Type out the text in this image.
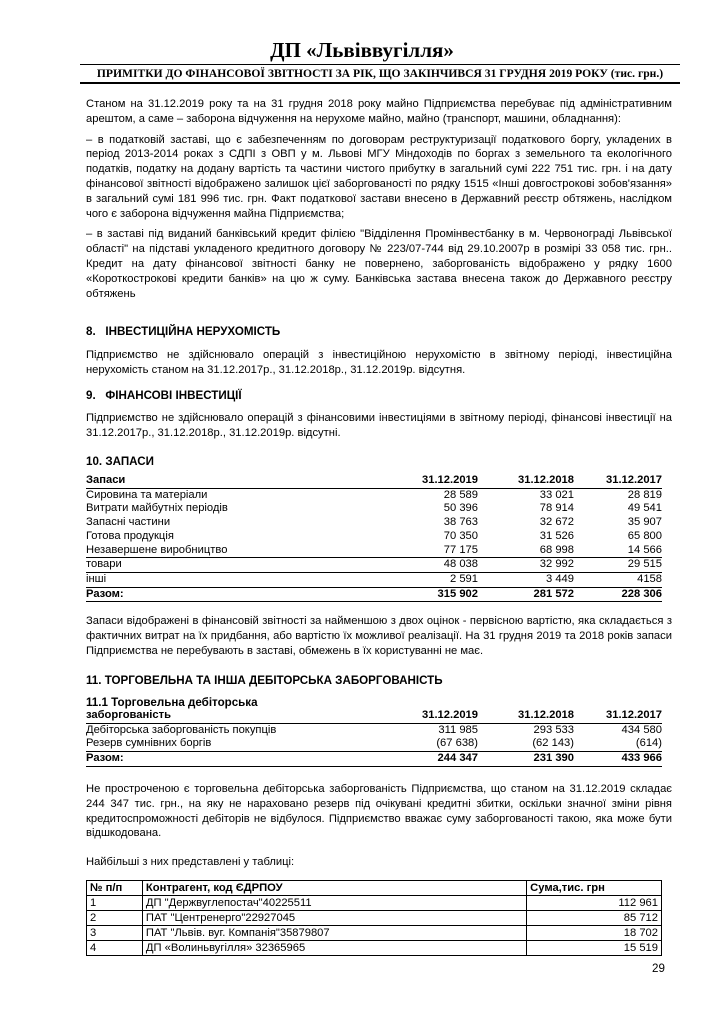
ДП «Львіввугілля»
ПРИМІТКИ ДО ФІНАНСОВОЇ ЗВІТНОСТІ ЗА РІК, ЩО ЗАКІНЧИВСЯ 31 ГРУДНЯ 2019 РОКУ (тис. грн.)

Станом на 31.12.2019 року та на 31 грудня 2018 року майно Підприємства перебуває під адміністративним арештом, а саме – заборона відчуження на нерухоме майно, майно (транспорт, машини, обладнання):

– в податковій заставі, що є забезпеченням по договорам реструктуризації податкового боргу, укладених в період 2013-2014 роках з СДПІ з ОВП у м. Львові МГУ Міндоходів по боргах з земельного та екологічного податків, податку на додану вартість та частини чистого прибутку в загальний сумі 222 751 тис. грн. і на дату фінансової звітності відображено залишок цієї заборгованості по рядку 1515 «Інші довгострокові зобов'язання» в загальний сумі 181 996 тис. грн. Факт податкової застави внесено в Державний реєстр обтяжень, наслідком чого є заборона відчуження майна Підприємства;

– в заставі під виданий банківський кредит філією "Відділення Промінвестбанку в м. Червонограді Львівської області" на підставі укладеного кредитного договору № 223/07-744 від 29.10.2007р в розмірі 33 058 тис. грн.. Кредит на дату фінансової звітності банку не повернено, заборгованість відображено у рядку 1600 «Короткострокові кредити банків» на цю ж суму. Банківська застава внесена також до Державного реєстру обтяжень

8. ІНВЕСТИЦІЙНА НЕРУХОМІСТЬ

Підприємство не здійснювало операцій з інвестиційною нерухомістю в звітному періоді, інвестиційна нерухомість станом на 31.12.2017р., 31.12.2018р., 31.12.2019р. відсутня.

9. ФІНАНСОВІ ІНВЕСТИЦІЇ

Підприємство не здійснювало операцій з фінансовими інвестиціями в звітному періоді, фінансові інвестиції на 31.12.2017р., 31.12.2018р., 31.12.2019р. відсутні.

10. ЗАПАСИ
Запаси	31.12.2019	31.12.2018	31.12.2017
Сировина та матеріали	28 589	33 021	28 819
Витрати майбутніх періодів	50 396	78 914	49 541
Запасні частини	38 763	32 672	35 907
Готова продукція	70 350	31 526	65 800
Незавершене виробництво	77 175	68 998	14 566
товари	48 038	32 992	29 515
інші	2 591	3 449	4158
Разом:	315 902	281 572	228 306

Запаси відображені в фінансовій звітності за найменшою з двох оцінок - первісною вартістю, яка складається з фактичних витрат на їх придбання, або вартістю їх можливої реалізації. На 31 грудня 2019 та 2018 років запаси Підприємства не перебувають в заставі, обмежень в їх користуванні не має.

11. ТОРГОВЕЛЬНА ТА ІНША ДЕБІТОРСЬКА ЗАБОРГОВАНІСТЬ
11.1 Торговельна дебіторська
заборгованість	31.12.2019	31.12.2018	31.12.2017
Дебіторська заборгованість покупців	311 985	293 533	434 580
Резерв сумнівних боргів	(67 638)	(62 143)	(614)
Разом:	244 347	231 390	433 966

Не простроченою є торговельна дебіторська заборгованість Підприємства, що станом на 31.12.2019 складає 244 347 тис. грн., на яку не нараховано резерв під очікувані кредитні збитки, оскільки значної зміни рівня кредитоспроможності дебіторів не відбулося. Підприємство вважає суму заборгованості такою, яка може бути відшкодована.

Найбільші з них представлені у таблиці:

№ п/п	Контрагент, код ЄДРПОУ	Сума,тис. грн
1	ДП "Держвуглепостач"40225511	112 961
2	ПАТ "Центренерго"22927045	85 712
3	ПАТ "Львів. вуг. Компанія"35879807	18 702
4	ДП «Волиньвугілля» 32365965	15 519
29
